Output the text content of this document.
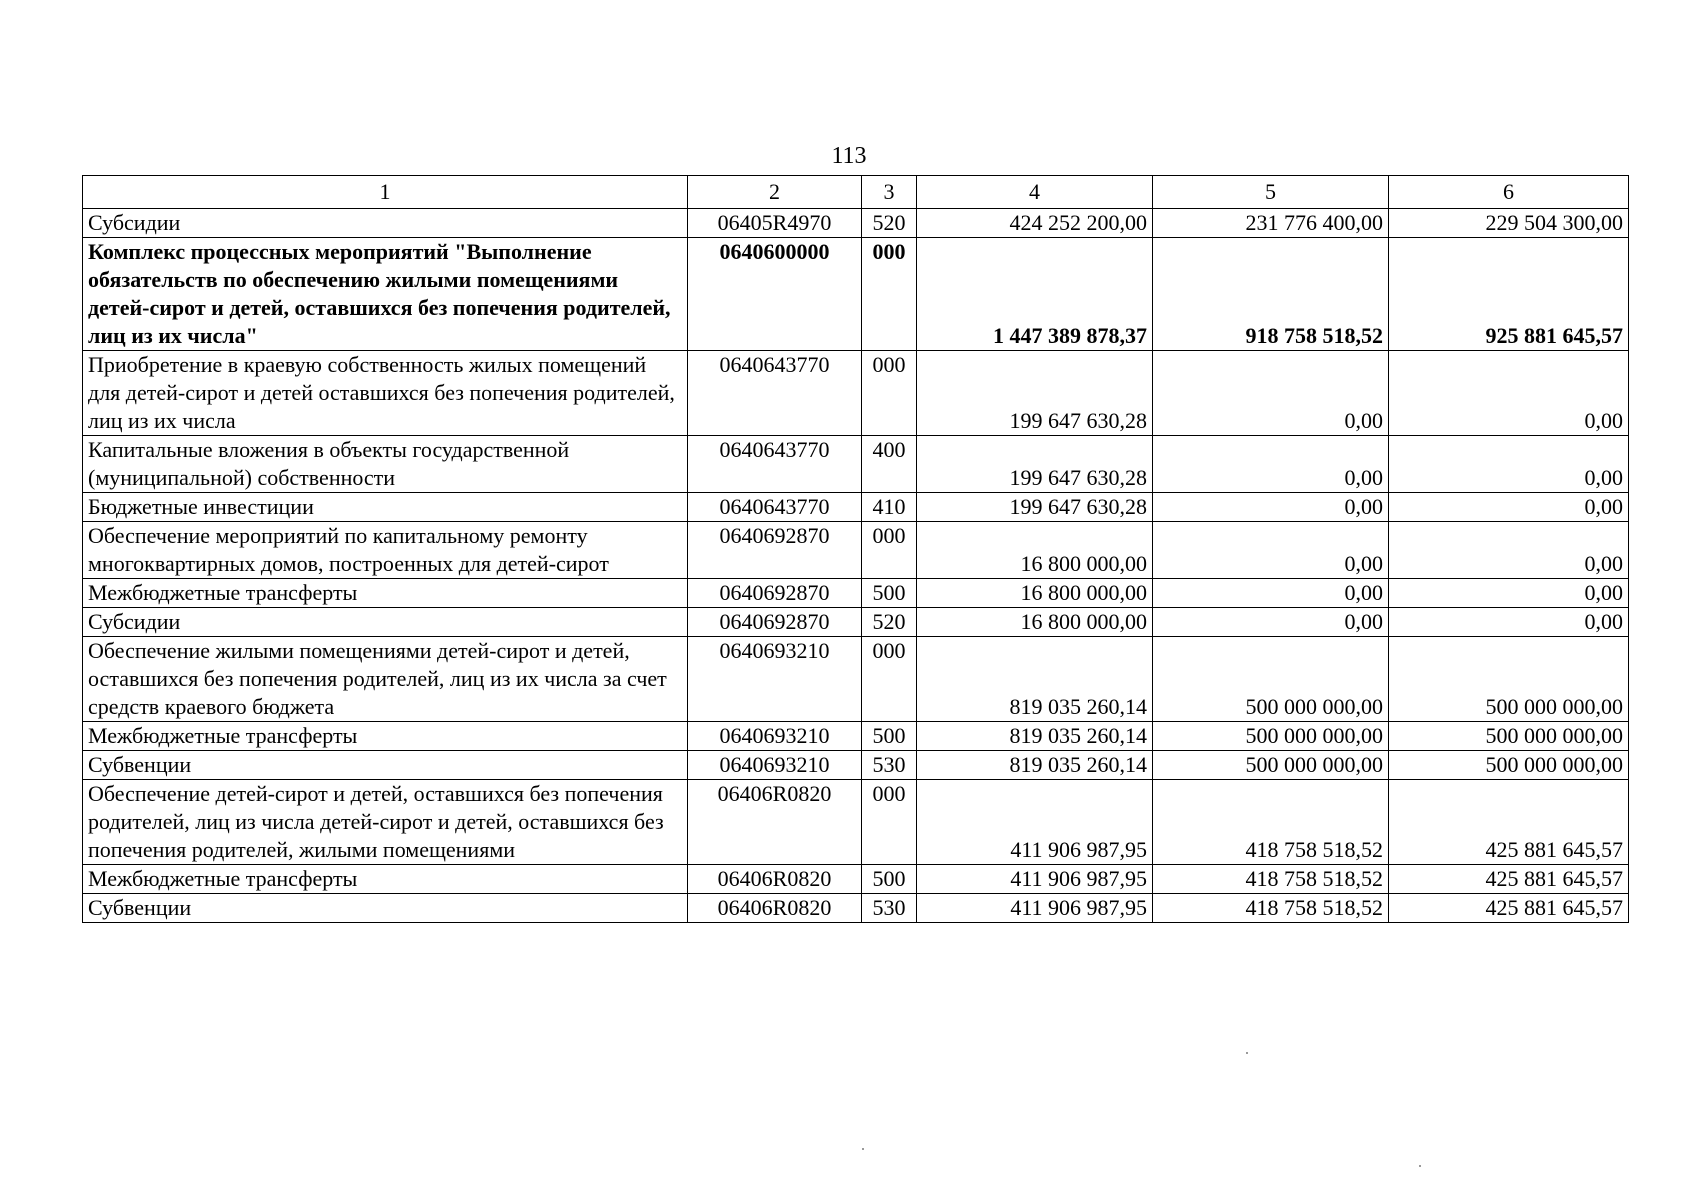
113
1	2	3	4	5	6
Субсидии	06405R4970	520	424 252 200,00	231 776 400,00	229 504 300,00
Комплекс процессных мероприятий "Выполнение обязательств по обеспечению жилыми помещениями детей-сирот и детей, оставшихся без попечения родителей, лиц из их числа"	0640600000	000	1 447 389 878,37	918 758 518,52	925 881 645,57
Приобретение в краевую собственность жилых помещений для детей-сирот и детей оставшихся без попечения родителей, лиц из их числа	0640643770	000	199 647 630,28	0,00	0,00
Капитальные вложения в объекты государственной (муниципальной) собственности	0640643770	400	199 647 630,28	0,00	0,00
Бюджетные инвестиции	0640643770	410	199 647 630,28	0,00	0,00
Обеспечение мероприятий по капитальному ремонту многоквартирных домов, построенных для детей-сирот	0640692870	000	16 800 000,00	0,00	0,00
Межбюджетные трансферты	0640692870	500	16 800 000,00	0,00	0,00
Субсидии	0640692870	520	16 800 000,00	0,00	0,00
Обеспечение жилыми помещениями детей-сирот и детей, оставшихся без попечения родителей, лиц из их числа за счет средств краевого бюджета	0640693210	000	819 035 260,14	500 000 000,00	500 000 000,00
Межбюджетные трансферты	0640693210	500	819 035 260,14	500 000 000,00	500 000 000,00
Субвенции	0640693210	530	819 035 260,14	500 000 000,00	500 000 000,00
Обеспечение детей-сирот и детей, оставшихся без попечения родителей, лиц из числа детей-сирот и детей, оставшихся без попечения родителей, жилыми помещениями	06406R0820	000	411 906 987,95	418 758 518,52	425 881 645,57
Межбюджетные трансферты	06406R0820	500	411 906 987,95	418 758 518,52	425 881 645,57
Субвенции	06406R0820	530	411 906 987,95	418 758 518,52	425 881 645,57
